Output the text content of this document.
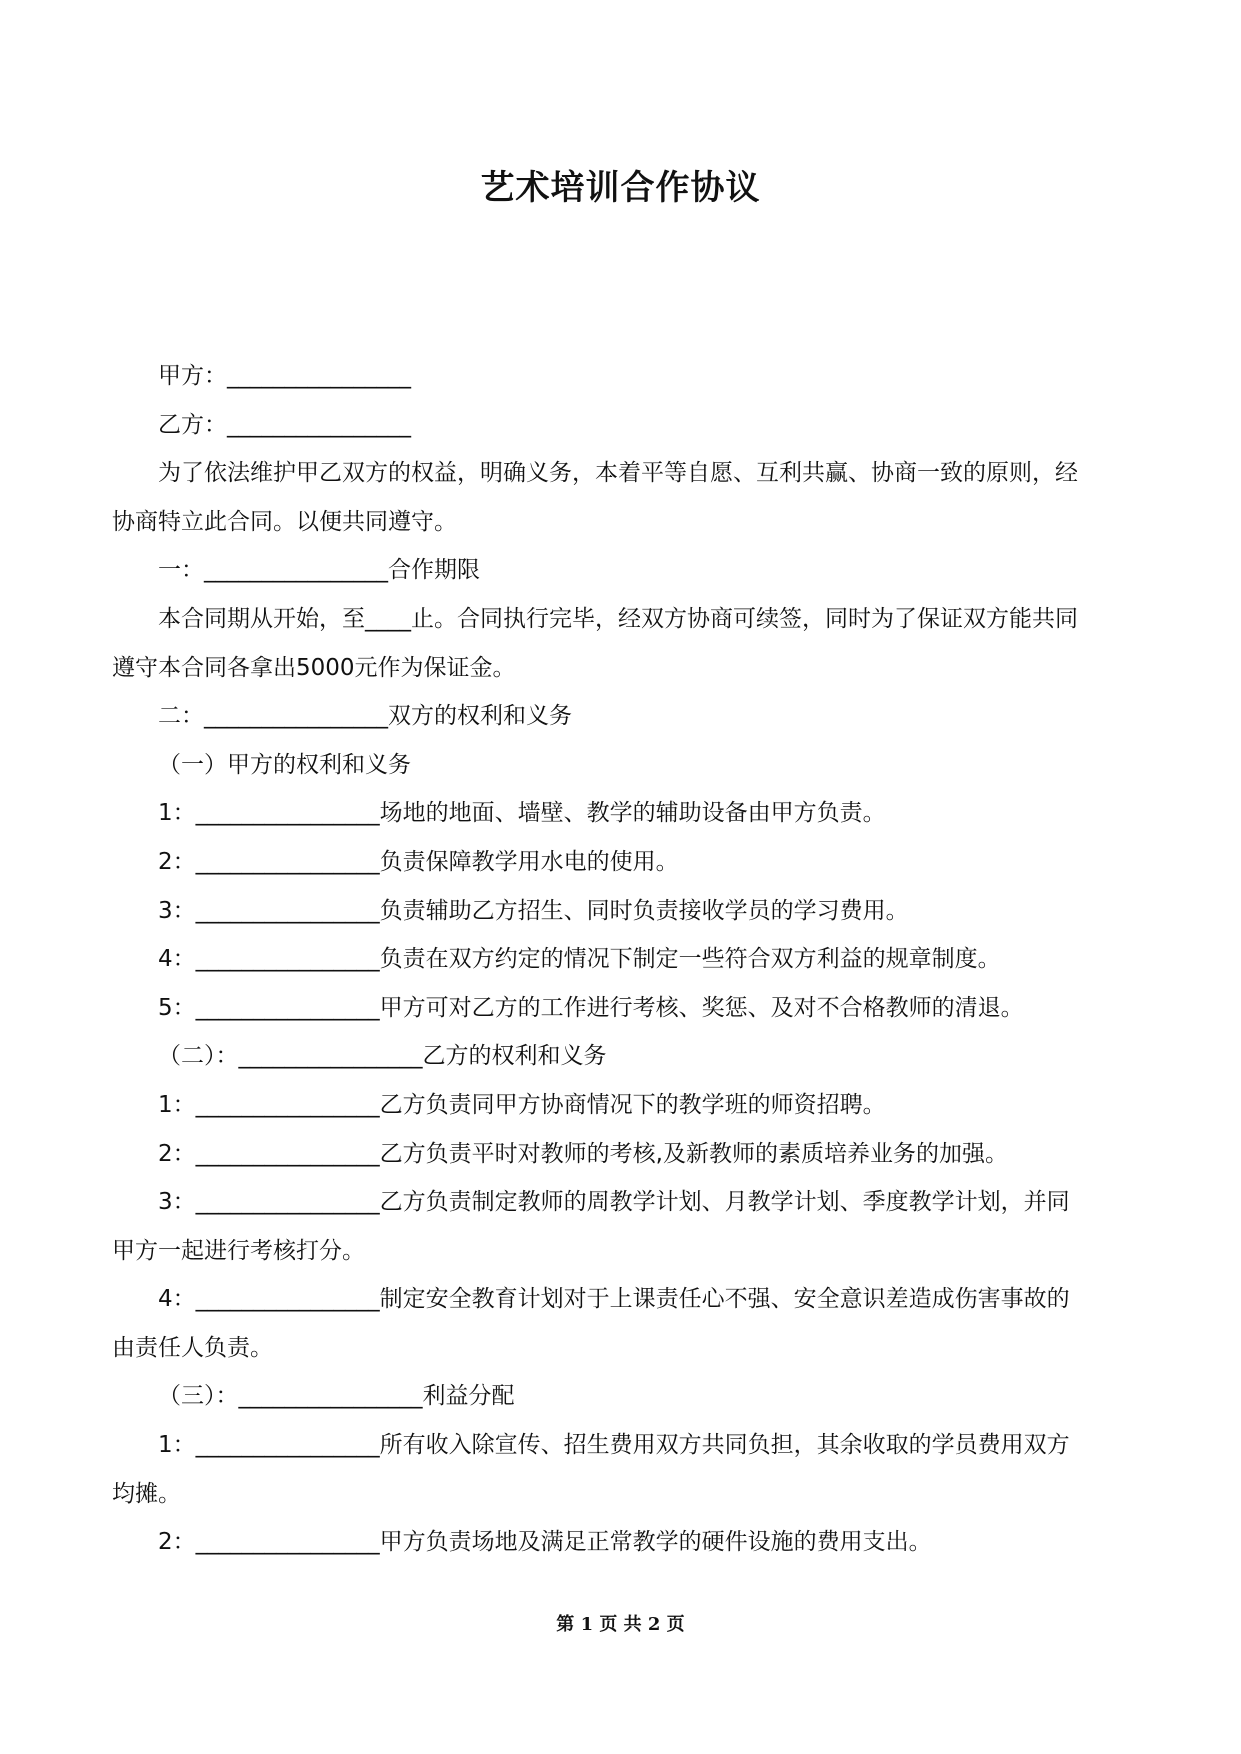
艺术培训合作协议

甲方：________________

乙方：________________

为了依法维护甲乙双方的权益，明确义务，本着平等自愿、互利共赢、协商一致的原则，经协商特立此合同。以便共同遵守。

一：________________合作期限

本合同期从开始，至____止。合同执行完毕，经双方协商可续签，同时为了保证双方能共同遵守本合同各拿出5000元作为保证金。

二：________________双方的权利和义务

（一）甲方的权利和义务

1：________________场地的地面、墙壁、教学的辅助设备由甲方负责。

2：________________负责保障教学用水电的使用。

3：________________负责辅助乙方招生、同时负责接收学员的学习费用。

4：________________负责在双方约定的情况下制定一些符合双方利益的规章制度。

5：________________甲方可对乙方的工作进行考核、奖惩、及对不合格教师的清退。

（二）：________________乙方的权利和义务

1：________________乙方负责同甲方协商情况下的教学班的师资招聘。

2：________________乙方负责平时对教师的考核,及新教师的素质培养业务的加强。

3：________________乙方负责制定教师的周教学计划、月教学计划、季度教学计划，并同甲方一起进行考核打分。

4：________________制定安全教育计划对于上课责任心不强、安全意识差造成伤害事故的由责任人负责。

（三）：________________利益分配

1：________________所有收入除宣传、招生费用双方共同负担，其余收取的学员费用双方均摊。

2：________________甲方负责场地及满足正常教学的硬件设施的费用支出。

第 1 页 共 2 页
